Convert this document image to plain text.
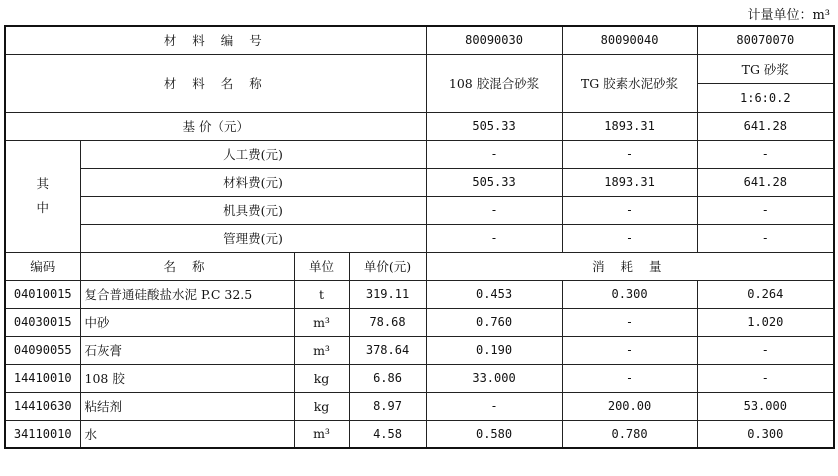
计量单位：m³
材 料 编 号				80090030	80090040	80070070
材 料 名 称				108 胶混合砂浆	TG 胶素水泥砂浆	TG 砂浆
						1:6:0.2
基 价（元）				505.33	1893.31	641.28

其
中	人工费(元)			-	-	-
	材料费(元)			505.33	1893.31	641.28
	机具费(元)			-	-	-
	管理费(元)			-	-	-
编码	名 称	单位	单价(元)	消 耗 量		
04010015	复合普通硅酸盐水泥 P.C 32.5	t	319.11	0.453	0.300	0.264
04030015	中砂	m³	78.68	0.760	-	1.020
04090055	石灰膏	m³	378.64	0.190	-	-
14410010	108 胶	kg	6.86	33.000	-	-
14410630	粘结剂	kg	8.97	-	200.00	53.000
34110010	水	m³	4.58	0.580	0.780	0.300
